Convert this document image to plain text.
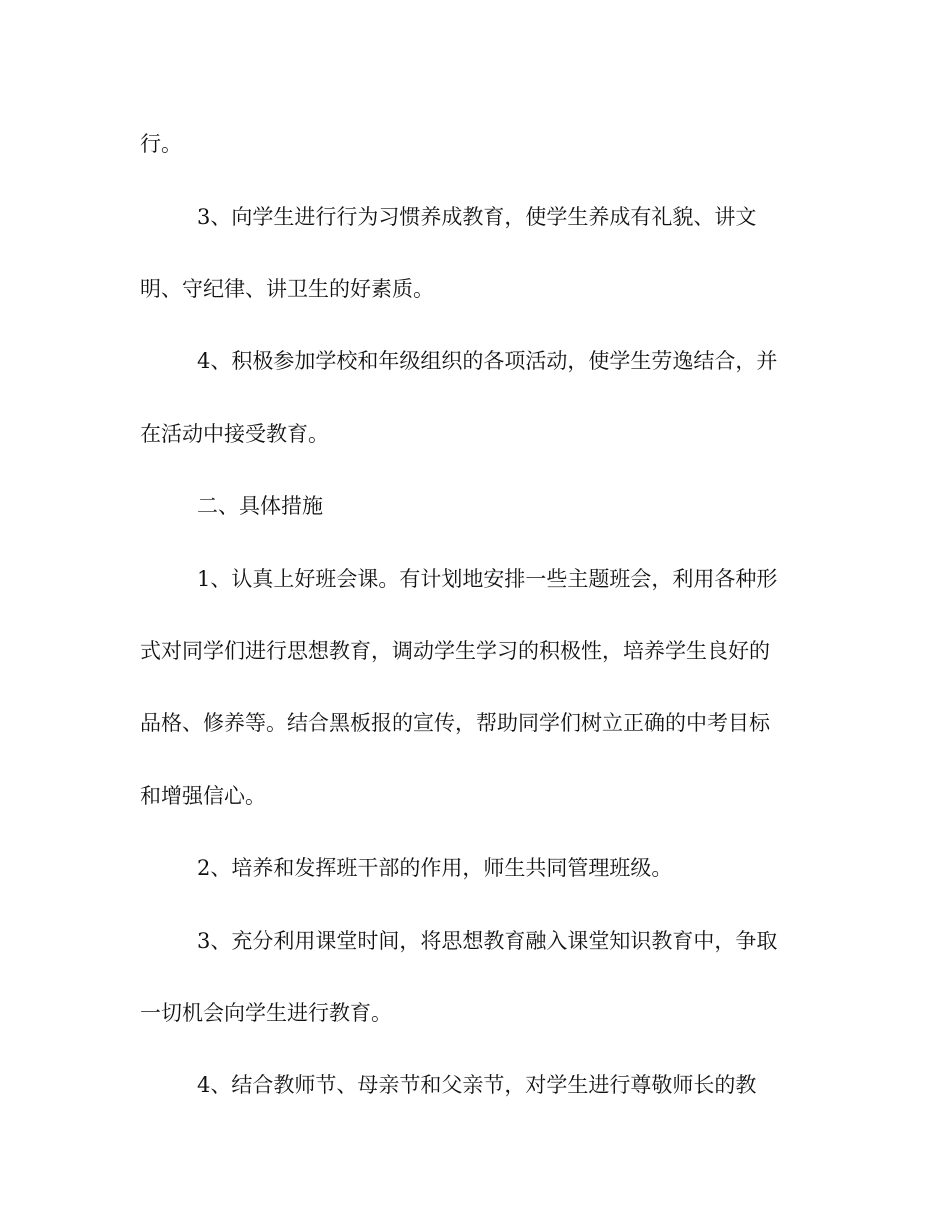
行。
3、向学生进行行为习惯养成教育，使学生养成有礼貌、讲文
明、守纪律、讲卫生的好素质。
4、积极参加学校和年级组织的各项活动，使学生劳逸结合，并
在活动中接受教育。
二、具体措施
1、认真上好班会课。有计划地安排一些主题班会，利用各种形
式对同学们进行思想教育，调动学生学习的积极性，培养学生良好的
品格、修养等。结合黑板报的宣传，帮助同学们树立正确的中考目标
和增强信心。
2、培养和发挥班干部的作用，师生共同管理班级。
3、充分利用课堂时间，将思想教育融入课堂知识教育中，争取
一切机会向学生进行教育。
4、结合教师节、母亲节和父亲节，对学生进行尊敬师长的教
